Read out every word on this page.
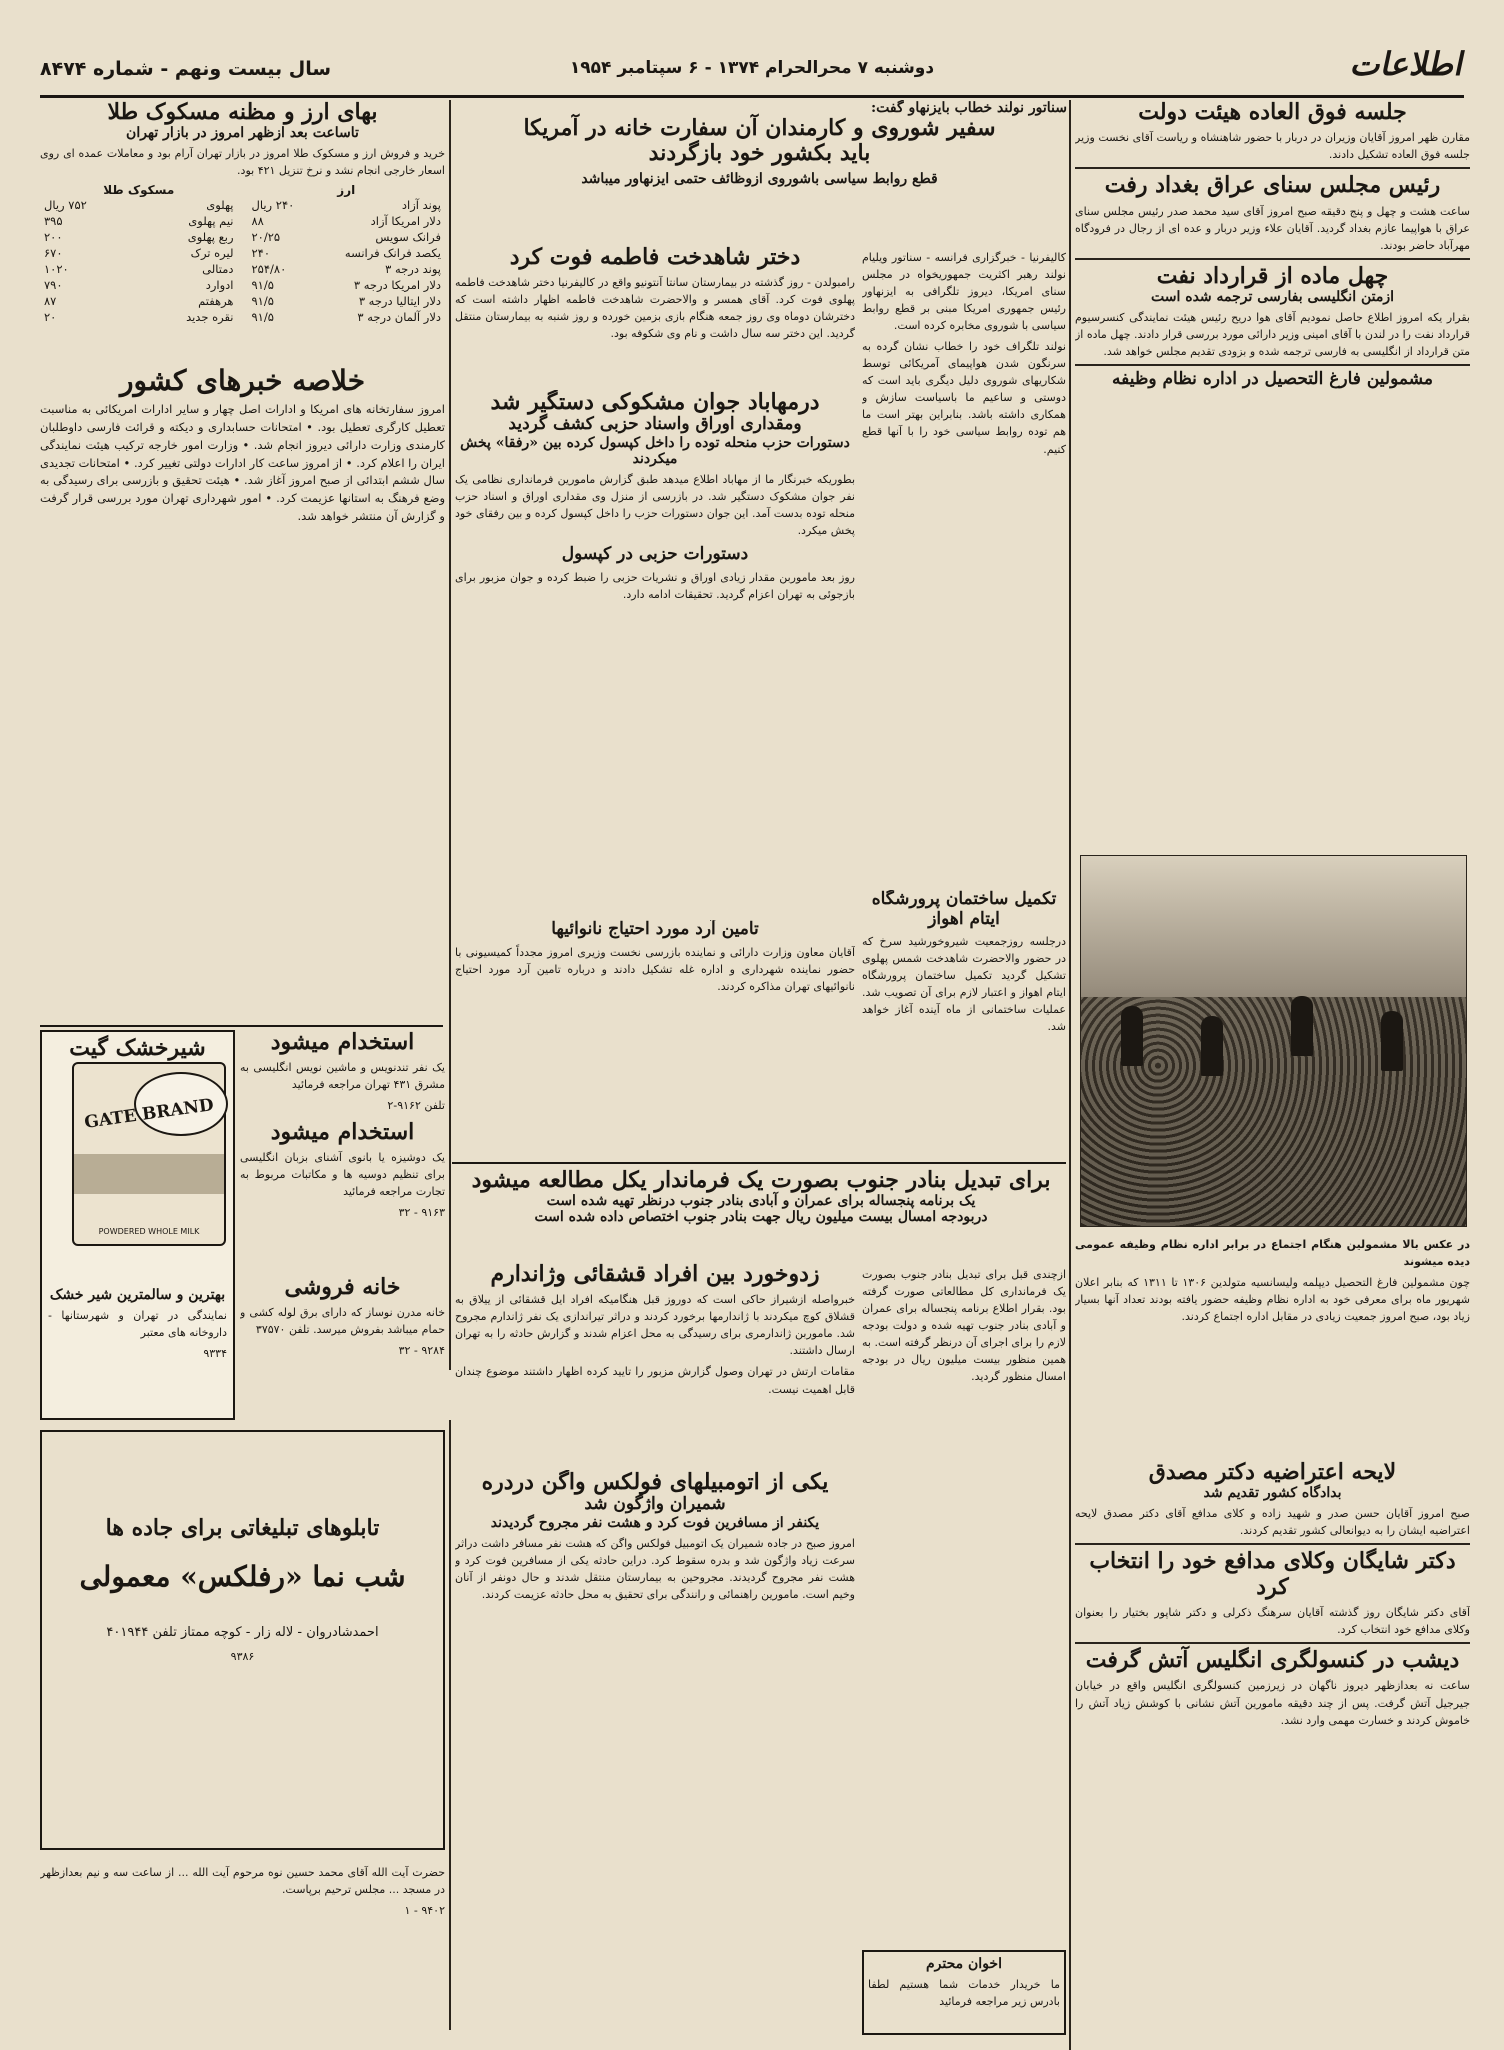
اطلاعات
دوشنبه ۷ محرالحرام ۱۳۷۴ - ۶ سپتامبر ۱۹۵۴
سال بیست ونهم - شماره ۸۴۷۴
سناتور نولند خطاب بایزنهاو گفت:
سفیر شوروی و کارمندان آن سفارت خانه در آمریکا
باید بکشور خود بازگردند
قطع روابط سیاسی باشوروی ازوظائف حتمی ایزنهاور میباشد
جلسه فوق العاده هیئت دولت
مقارن ظهر امروز آقایان وزیران در دربار با حضور شاهنشاه و ریاست آقای نخست وزیر جلسه فوق العاده تشکیل دادند.
رئیس مجلس سنای عراق بغداد رفت
ساعت هشت و چهل و پنج دقیقه صبح امروز آقای سید محمد صدر رئیس مجلس سنای عراق با هواپیما عازم بغداد گردید. آقایان علاء وزیر دربار و عده ای از رجال در فرودگاه مهرآباد حاضر بودند.
چهل ماده از قرارداد نفت
ازمتن انگلیسی بفارسی ترجمه شده است
بقرار یکه امروز اطلاع حاصل نمودیم آقای هوا دریح رئیس هیئت نمایندگی کنسرسیوم قرارداد نفت را در لندن با آقای امینی وزیر دارائی مورد بررسی قرار دادند. چهل ماده از متن قرارداد از انگلیسی به فارسی ترجمه شده و بزودی تقدیم مجلس خواهد شد.
مشمولین فارغ التحصیل در اداره نظام وظیفه
در عکس بالا مشمولین هنگام اجتماع در برابر اداره نظام وظیفه عمومی دیده میشوند
چون مشمولین فارغ التحصیل دیپلمه ولیسانسیه متولدین ۱۳۰۶ تا ۱۳۱۱ که بنابر اعلان شهریور ماه برای معرفی خود به اداره نظام وظیفه حضور یافته بودند تعداد آنها بسیار زیاد بود، صبح امروز جمعیت زیادی در مقابل اداره اجتماع کردند.
لایحه اعتراضیه دکتر مصدق
بدادگاه کشور تقدیم شد
صبح امروز آقایان حسن صدر و شهید زاده و کلای مدافع آقای دکتر مصدق لایحه اعتراضیه ایشان را به دیوانعالی کشور تقدیم کردند.
دکتر شایگان وکلای مدافع خود را انتخاب کرد
آقای دکتر شایگان روز گذشته آقایان سرهنگ ذکرلی و دکتر شاپور بختیار را بعنوان وکلای مدافع خود انتخاب کرد.
دیشب در کنسولگری انگلیس آتش گرفت
ساعت نه بعدازظهر دیروز ناگهان در زیرزمین کنسولگری انگلیس واقع در خیابان جیرجیل آتش گرفت. پس از چند دقیقه مامورین آتش نشانی با کوشش زیاد آتش را خاموش کردند و خسارت مهمی وارد نشد.
کالیفرنیا - خبرگزاری فرانسه - سناتور ویلیام نولند رهبر اکثریت جمهوریخواه در مجلس سنای امریکا، دیروز تلگرافی به ایزنهاور رئیس جمهوری امریکا مبنی بر قطع روابط سیاسی با شوروی مخابره کرده است.
نولند تلگراف خود را خطاب نشان گرده به سرنگون شدن هواپیمای آمریکائی توسط شکاریهای شوروی دلیل دیگری باید است که دوستی و ساعیم ما باسیاست سازش و همکاری داشته باشد. بنابراین بهتر است ما هم توده روابط سیاسی خود را با آنها قطع کنیم.
دختر شاهدخت فاطمه فوت کرد
رامبولدن - روز گذشته در بیمارستان سانتا آنتونیو واقع در کالیفرنیا دختر شاهدخت فاطمه پهلوی فوت کرد. آقای همسر و والاحضرت شاهدخت فاطمه اظهار داشته است که دخترشان دوماه وی روز جمعه هنگام بازی بزمین خورده و روز شنبه به بیمارستان منتقل گردید. این دختر سه سال داشت و نام وی شکوفه بود.
درمهاباد جوان مشکوکی دستگیر شد
ومقداری اوراق واسناد حزبی کشف گردید
دستورات حزب منحله توده را داخل کپسول کرده بین «رفقا» پخش میکردند
بطوریکه خبرنگار ما از مهاباد اطلاع میدهد طبق گزارش مامورین فرمانداری نظامی یک نفر جوان مشکوک دستگیر شد. در بازرسی از منزل وی مقداری اوراق و اسناد حزب منحله توده بدست آمد. این جوان دستورات حزب را داخل کپسول کرده و بین رفقای خود پخش میکرد.
دستورات حزبی در کپسول
روز بعد ماموربن مقدار زیادی اوراق و نشریات حزبی را ضبط کرده و جوان مزبور برای بازجوئی به تهران اعزام گردید. تحقیقات ادامه دارد.
تکمیل ساختمان پرورشگاه ایتام اهواز
درجلسه روزجمعیت شیروخورشید سرخ که در حضور والاحضرت شاهدخت شمس پهلوی تشکیل گردید تکمیل ساختمان پرورشگاه ایتام اهواز و اعتبار لازم برای آن تصویب شد. عملیات ساختمانی از ماه آینده آغاز خواهد شد.
تامین آرد مورد احتیاج نانوائیها
آقایان معاون وزارت دارائی و نماینده بازرسی نخست وزیری امروز مجدداً کمیسیونی با حضور نماینده شهرداری و اداره غله تشکیل دادند و درباره تامین آرد مورد احتیاج نانوائیهای تهران مذاکره کردند.
برای تبدیل بنادر جنوب بصورت یک فرماندار یکل مطالعه میشود
یک برنامه پنجساله برای عمران و آبادی بنادر جنوب درنظر تهیه شده است
دربودجه امسال بیست میلیون ریال جهت بنادر جنوب اختصاص داده شده است
ازچندی قبل برای تبدیل بنادر جنوب بصورت یک فرمانداری کل مطالعاتی صورت گرفته بود. بقرار اطلاع برنامه پنجساله برای عمران و آبادی بنادر جنوب تهیه شده و دولت بودجه لازم را برای اجرای آن درنظر گرفته است. به همین منظور بیست میلیون ریال در بودجه امسال منظور گردید.
اخوان محترم
ما خریدار خدمات شما هستیم لطفا بادرس زیر مراجعه فرمائید
زدوخورد بین افراد قشقائی وژاندارم
خبرواصله ازشیراز حاکی است که دوروز قبل هنگامیکه افراد ایل قشقائی از ییلاق به قشلاق کوچ میکردند با ژاندارمها برخورد کردند و دراثر تیراندازی یک نفر ژاندارم مجروح شد. ماموربن ژاندارمری برای رسیدگی به محل اعزام شدند و گزارش حادثه را به تهران ارسال داشتند.
مقامات ارتش در تهران وصول گزارش مزبور را تایید کرده اظهار داشتند موضوع چندان قابل اهمیت نیست.
یکی از اتومبیلهای فولکس واگن دردره
شمیران واژگون شد
یکنفر از مسافرین فوت کرد و هشت نفر مجروح گردیدند
امروز صبح در جاده شمیران یک اتومبیل فولکس واگن که هشت نفر مسافر داشت دراثر سرعت زیاد واژگون شد و بدره سقوط کرد. دراین حادثه یکی از مسافرین فوت کرد و هشت نفر مجروح گردیدند. مجروحین به بیمارستان منتقل شدند و حال دونفر از آنان وخیم است. مامورین راهنمائی و رانندگی برای تحقیق به محل حادثه عزیمت کردند.
بهای ارز و مظنه مسکوک طلا
تاساعت بعد ازظهر امروز در بازار تهران
خرید و فروش ارز و مسکوک طلا امروز در بازار تهران آرام بود و معاملات عمده ای روی اسعار خارجی انجام نشد و نرخ تنزیل ۴۲۱ بود.
ارز
پوند آزاد	۲۴۰ ریال
دلار امریکا آزاد	۸۸
فرانک سویس	۲۰/۲۵
یکصد فرانک فرانسه	۲۴۰
پوند درجه ۳	۲۵۴/۸۰
دلار امریکا درجه ۳	۹۱/۵
دلار ایتالیا درجه ۳	۹۱/۵
دلار آلمان درجه ۳	۹۱/۵
مسکوک طلا
پهلوی	۷۵۲ ریال
نیم پهلوی	۳۹۵
ربع پهلوی	۲۰۰
لیره ترک	۶۷۰
دمتالی	۱۰۲۰
ادوارد	۷۹۰
هرهفتم	۸۷
نقره جدید	۲۰
خلاصه خبرهای کشور
امروز سفارتخانه های امریکا و ادارات اصل چهار و سایر ادارات امریکائی به مناسبت تعطیل کارگری تعطیل بود. • امتحانات حسابداری و دیکته و قرائت فارسی داوطلبان کارمندی وزارت دارائی دیروز انجام شد. • وزارت امور خارجه ترکیب هیئت نمایندگی ایران را اعلام کرد. • از امروز ساعت کار ادارات دولتی تغییر کرد. • امتحانات تجدیدی سال ششم ابتدائی از صبح امروز آغاز شد. • هیئت تحقیق و بازرسی برای رسیدگی به وضع فرهنگ به استانها عزیمت کرد. • امور شهرداری تهران مورد بررسی قرار گرفت و گزارش آن منتشر خواهد شد.
استخدام میشود
یک نفر تندنویس و ماشین نویس انگلیسی به مشرق ۴۳۱ تهران مراجعه فرمائید
تلفن ۹۱۶۲-۲
استخدام میشود
یک دوشیزه یا بانوی آشنای بزبان انگلیسی برای تنظیم دوسیه ها و مکاتبات مربوط به تجارت مراجعه فرمائید
۹۱۶۳ - ۳۲
خانه فروشی
خانه مدرن نوساز که دارای برق لوله کشی و حمام میباشد بفروش میرسد. تلفن ۳۷۵۷۰
۹۲۸۴ - ۳۲
شیرخشک گیت
GATE BRAND
POWDERED WHOLE MILK
بهترین و سالمترین شیر خشک
نمایندگی در تهران و شهرستانها - داروخانه های معتبر
۹۳۳۴
تابلوهای تبلیغاتی برای جاده ها
شب نما «رفلکس» معمولی
احمدشادروان - لاله زار - کوچه ممتاز تلفن ۴۰۱۹۴۴
۹۳۸۶
حضرت آیت الله آقای محمد حسین نوه مرحوم آیت الله ... از ساعت سه و نیم بعدازظهر در مسجد ... مجلس ترحیم برپاست.
۹۴۰۲ - ۱
